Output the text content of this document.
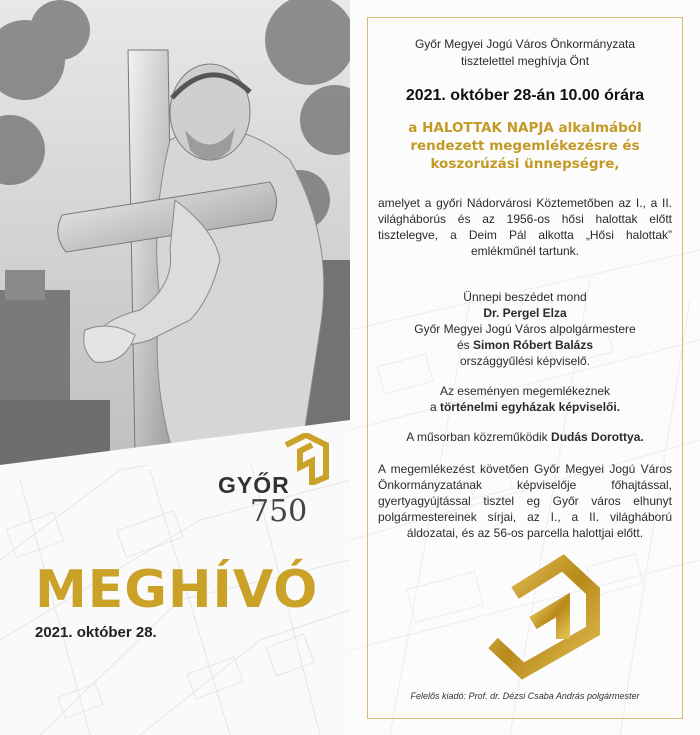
GYŐR
750
MEGHÍVÓ
2021. október 28.
Győr Megyei Jogú Város Önkormányzata
tisztelettel meghívja Önt
2021. október 28-án 10.00 órára
a HALOTTAK NAPJA alkalmából
rendezett megemlékezésre és
koszorúzási ünnepségre,
amelyet a győri Nádorvárosi Köztemetőben az I., a II. világháborús és az 1956-os hősi halottak előtt tisztelegve, a Deim Pál alkotta „Hősi halottak” emlékműnél tartunk.
Ünnepi beszédet mond
Dr. Pergel Elza
Győr Megyei Jogú Város alpolgármestere
és Simon Róbert Balázs
országgyűlési képviselő.
Az eseményen megemlékeznek
a történelmi egyházak képviselői.
A műsorban közreműködik Dudás Dorottya.
A megemlékezést követően Győr Megyei Jogú Város Önkormányzatának képviselője főhajtással, gyertyagyújtással tisztel eg Győr város elhunyt polgármestereinek sírjai, az I., a II. világháború áldozatai, és az 56-os parcella halottjai előtt.
Felelős kiadó: Prof. dr. Dézsi Csaba András polgármester
